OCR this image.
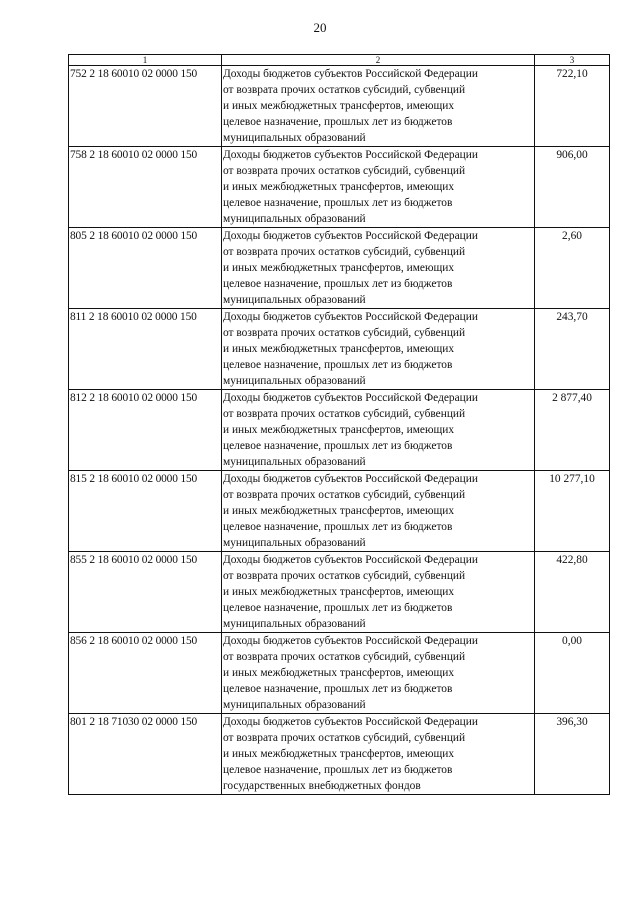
20
1	2	3
752 2 18 60010 02 0000 150	Доходы бюджетов субъектов Российской Федерации
от возврата прочих остатков субсидий, субвенций
и иных межбюджетных трансфертов, имеющих
целевое назначение, прошлых лет из бюджетов
муниципальных образований	722,10
758 2 18 60010 02 0000 150	Доходы бюджетов субъектов Российской Федерации
от возврата прочих остатков субсидий, субвенций
и иных межбюджетных трансфертов, имеющих
целевое назначение, прошлых лет из бюджетов
муниципальных образований	906,00
805 2 18 60010 02 0000 150	Доходы бюджетов субъектов Российской Федерации
от возврата прочих остатков субсидий, субвенций
и иных межбюджетных трансфертов, имеющих
целевое назначение, прошлых лет из бюджетов
муниципальных образований	2,60
811 2 18 60010 02 0000 150	Доходы бюджетов субъектов Российской Федерации
от возврата прочих остатков субсидий, субвенций
и иных межбюджетных трансфертов, имеющих
целевое назначение, прошлых лет из бюджетов
муниципальных образований	243,70
812 2 18 60010 02 0000 150	Доходы бюджетов субъектов Российской Федерации
от возврата прочих остатков субсидий, субвенций
и иных межбюджетных трансфертов, имеющих
целевое назначение, прошлых лет из бюджетов
муниципальных образований	2 877,40
815 2 18 60010 02 0000 150	Доходы бюджетов субъектов Российской Федерации
от возврата прочих остатков субсидий, субвенций
и иных межбюджетных трансфертов, имеющих
целевое назначение, прошлых лет из бюджетов
муниципальных образований	10 277,10
855 2 18 60010 02 0000 150	Доходы бюджетов субъектов Российской Федерации
от возврата прочих остатков субсидий, субвенций
и иных межбюджетных трансфертов, имеющих
целевое назначение, прошлых лет из бюджетов
муниципальных образований	422,80
856 2 18 60010 02 0000 150	Доходы бюджетов субъектов Российской Федерации
от возврата прочих остатков субсидий, субвенций
и иных межбюджетных трансфертов, имеющих
целевое назначение, прошлых лет из бюджетов
муниципальных образований	0,00
801 2 18 71030 02 0000 150	Доходы бюджетов субъектов Российской Федерации
от возврата прочих остатков субсидий, субвенций
и иных межбюджетных трансфертов, имеющих
целевое назначение, прошлых лет из бюджетов
государственных внебюджетных фондов	396,30
